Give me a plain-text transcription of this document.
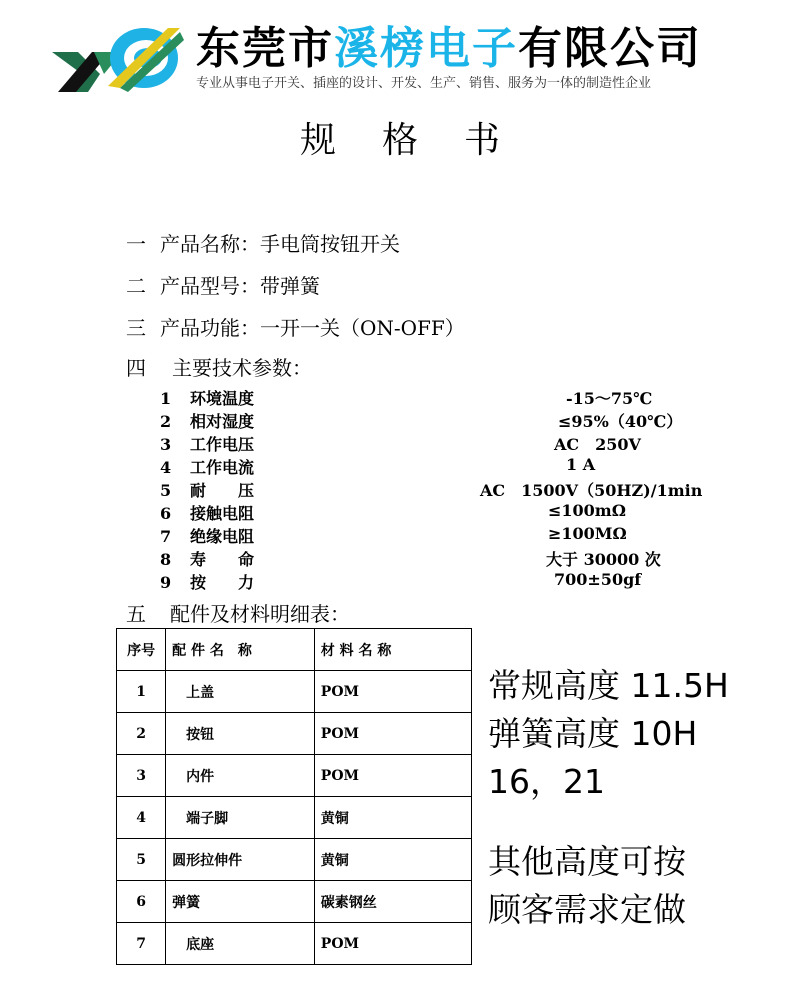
东莞市溪榜电子有限公司
专业从事电子开关、插座的设计、开发、生产、销售、服务为一体的制造性企业
规格书
一 产品名称：手电筒按钮开关
二 产品型号：带弹簧
三 产品功能：一开一关（ON-OFF）
四 主要技术参数：
1 环境温度	-15～75℃
2 相对湿度	≤95%（40℃）
3 工作电压	AC　250V
4 工作电流	1 A
5 耐　　压	AC　1500V（50HZ)/1min
6 接触电阻	≤100mΩ
7 绝缘电阻	≥100MΩ
8 寿　　命	大于 30000 次
9 按　　力	700±50gf
五 配件及材料明细表：
序号	配 件 名　称	材 料 名 称
1	　上盖	POM
2	　按钮	POM
3	　内件	POM
4	　端子脚	黄铜
5	圆形拉伸件	黄铜
6	弹簧	碳素钢丝
7	　底座	POM
常规高度 11.5H
弹簧高度 10H
16，21
其他高度可按
顾客需求定做
